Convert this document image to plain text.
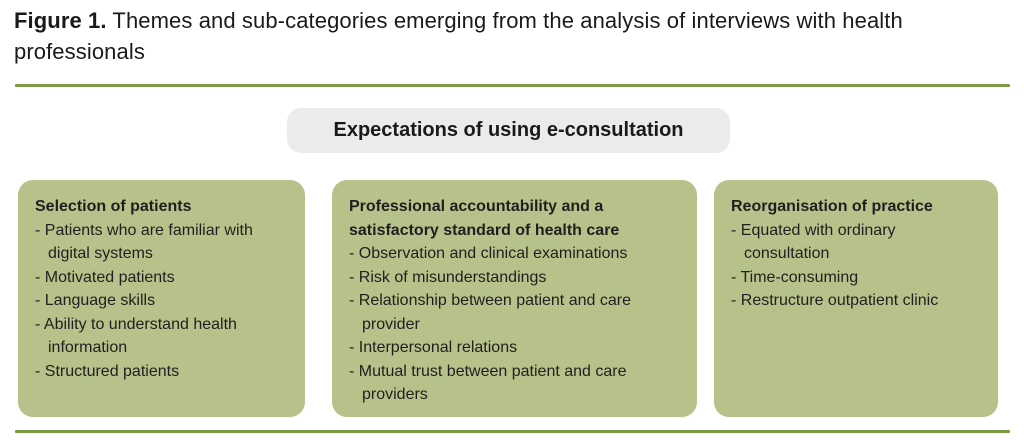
Figure 1. Themes and sub-categories emerging from the analysis of interviews with health professionals
Expectations of using e-consultation
Selection of patients
- Patients who are familiar with digital systems
- Motivated patients
- Language skills
- Ability to understand health information
- Structured patients
Professional accountability and a satisfactory standard of health care
- Observation and clinical examinations
- Risk of misunderstandings
- Relationship between patient and care provider
- Interpersonal relations
- Mutual trust between patient and care providers
Reorganisation of practice
- Equated with ordinary consultation
- Time-consuming
- Restructure outpatient clinic
